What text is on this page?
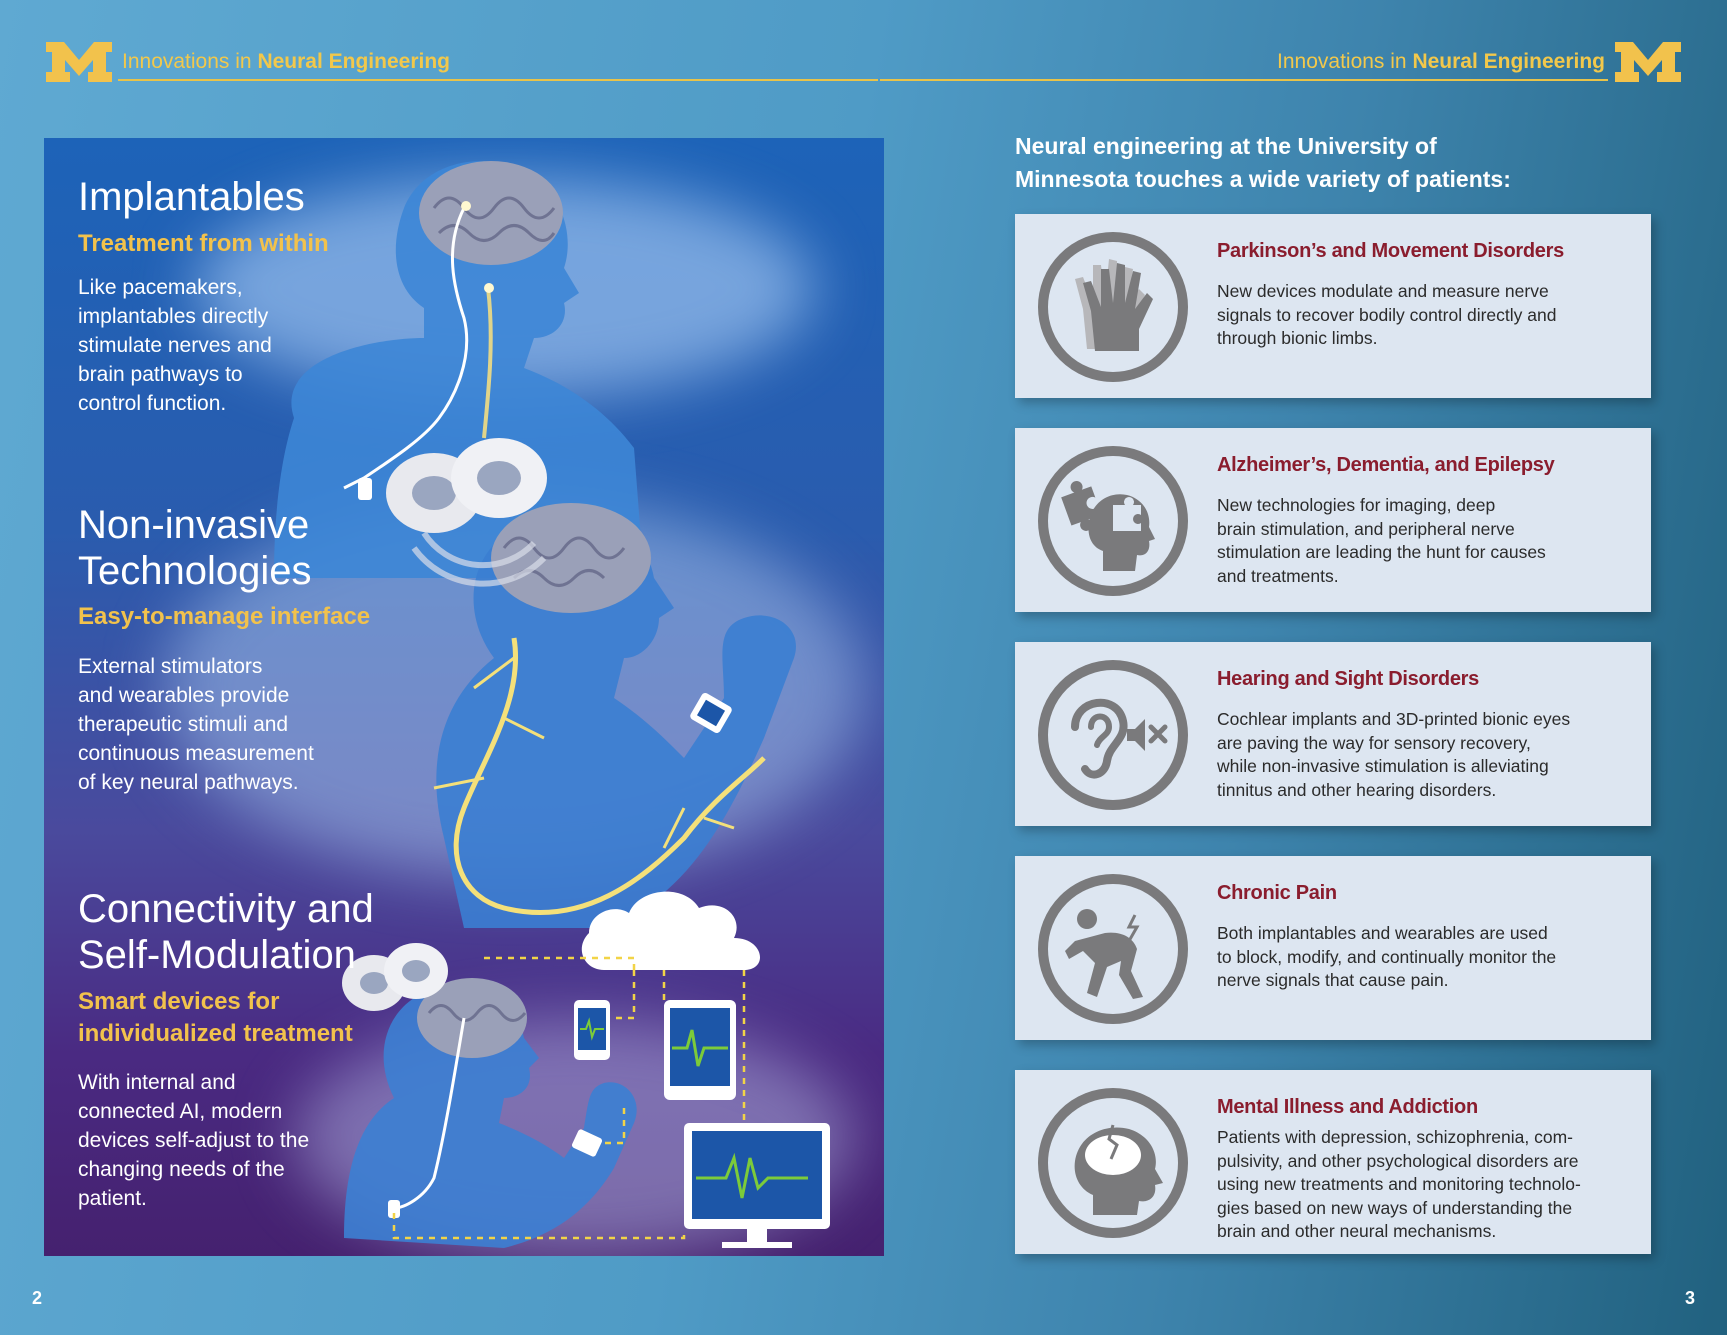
Innovations in Neural Engineering	Innovations in Neural Engineering
Implantables
Treatment from within
Like pacemakers,
implantables directly
stimulate nerves and
brain pathways to
control function.
Non-invasive
Technologies
Easy-to-manage interface
External stimulators
and wearables provide
therapeutic stimuli and
continuous measurement
of key neural pathways.
Connectivity and
Self-Modulation
Smart devices for
individualized treatment
With internal and
connected AI, modern
devices self-adjust to the
changing needs of the
patient.
Neural engineering at the University of
Minnesota touches a wide variety of patients:
Parkinson’s and Movement Disorders

New devices modulate and measure nerve
signals to recover bodily control directly and
through bionic limbs.

Alzheimer’s, Dementia, and Epilepsy

New technologies for imaging, deep
brain stimulation, and peripheral nerve
stimulation are leading the hunt for causes
and treatments.

Hearing and Sight Disorders

Cochlear implants and 3D-printed bionic eyes
are paving the way for sensory recovery,
while non-invasive stimulation is alleviating
tinnitus and other hearing disorders.

Chronic Pain

Both implantables and wearables are used
to block, modify, and continually monitor the
nerve signals that cause pain.

Mental Illness and Addiction

Patients with depression, schizophrenia, com-
pulsivity, and other psychological disorders are
using new treatments and monitoring technolo-
gies based on new ways of understanding the
brain and other neural mechanisms.

2	3
